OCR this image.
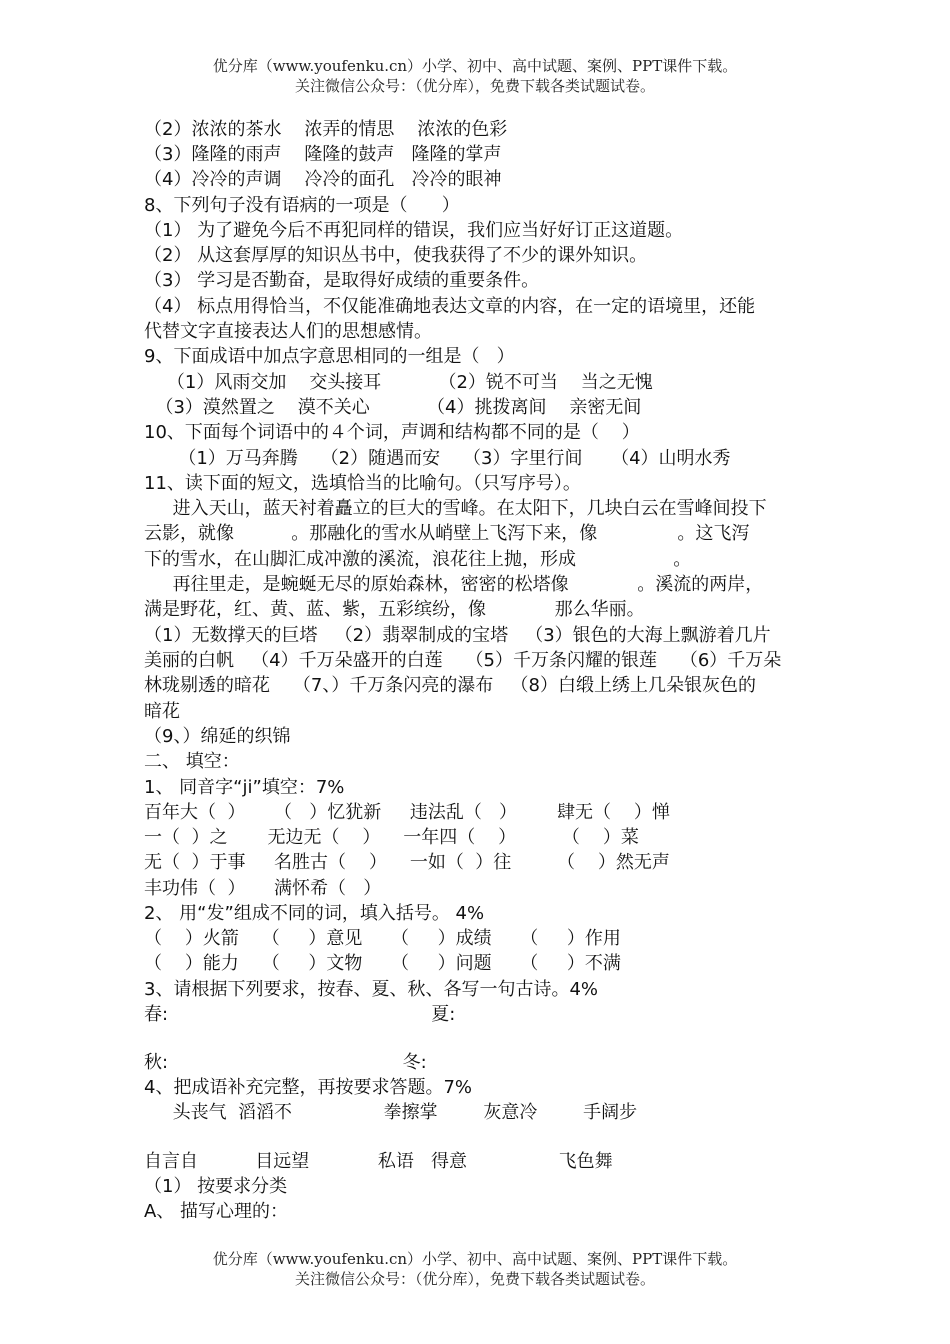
优分库（www.youfenku.cn）小学、初中、高中试题、案例、PPT课件下载。
关注微信公众号：（优分库），免费下载各类试题试卷。
（2）浓浓的茶水    浓弄的情思    浓浓的色彩
（3）隆隆的雨声    隆隆的鼓声   隆隆的掌声
（4）冷冷的声调    冷冷的面孔   冷冷的眼神
8、下列句子没有语病的一项是（      ）
（1） 为了避免今后不再犯同样的错误，我们应当好好订正这道题。
（2） 从这套厚厚的知识丛书中，使我获得了不少的课外知识。
（3） 学习是否勤奋，是取得好成绩的重要条件。
（4） 标点用得恰当，不仅能准确地表达文章的内容，在一定的语境里，还能
代替文字直接表达人们的思想感情。
9、下面成语中加点字意思相同的一组是（   ）
（1）风雨交加    交头接耳          （2）锐不可当    当之无愧
（3）漠然置之    漠不关心          （4）挑拨离间    亲密无间
10、下面每个词语中的４个词，声调和结构都不同的是（    ）
（1）万马奔腾    （2）随遇而安    （3）字里行间     （4）山明水秀
11、读下面的短文，选填恰当的比喻句。（只写序号）。
进入天山，蓝天衬着矗立的巨大的雪峰。在太阳下，几块白云在雪峰间投下
云影，就像          。那融化的雪水从峭壁上飞泻下来，像              。这飞泻
下的雪水，在山脚汇成冲激的溪流，浪花往上抛，形成                 。
再往里走，是蜿蜒无尽的原始森林，密密的松塔像            。溪流的两岸，
满是野花，红、黄、蓝、紫，五彩缤纷，像            那么华丽。
（1）无数撑天的巨塔   （2）翡翠制成的宝塔   （3）银色的大海上飘游着几片
美丽的白帆   （4）千万朵盛开的白莲    （5）千万条闪耀的银莲    （6）千万朵
林珑剔透的暗花    （7、）千万条闪亮的瀑布   （8）白缎上绣上几朵银灰色的
暗花
（9、）绵延的织锦
二、 填空：
1、 同音字“ji”填空：7%
百年大（  ）     （   ）忆犹新     违法乱（   ）       肆无（    ）惮
一（  ）之       无边无（    ）    一年四（    ）        （    ）菜
无（  ）于事     名胜古（    ）    一如（  ）往        （    ）然无声
丰功伟（  ）     满怀希（   ）
2、 用“发”组成不同的词，填入括号。 4%
（    ）火箭    （     ）意见     （     ）成绩     （     ）作用
（    ）能力    （     ）文物     （     ）问题     （     ）不满
3、请根据下列要求，按春、夏、秋、各写一句古诗。4%
春:                                              夏:
秋:                                         冬:
4、把成语补充完整，再按要求答题。7%
头丧气  滔滔不                拳擦掌        灰意冷        手阔步
自言自          目远望            私语   得意                飞色舞
（1） 按要求分类
A、 描写心理的：
优分库（www.youfenku.cn）小学、初中、高中试题、案例、PPT课件下载。
关注微信公众号：（优分库），免费下载各类试题试卷。
